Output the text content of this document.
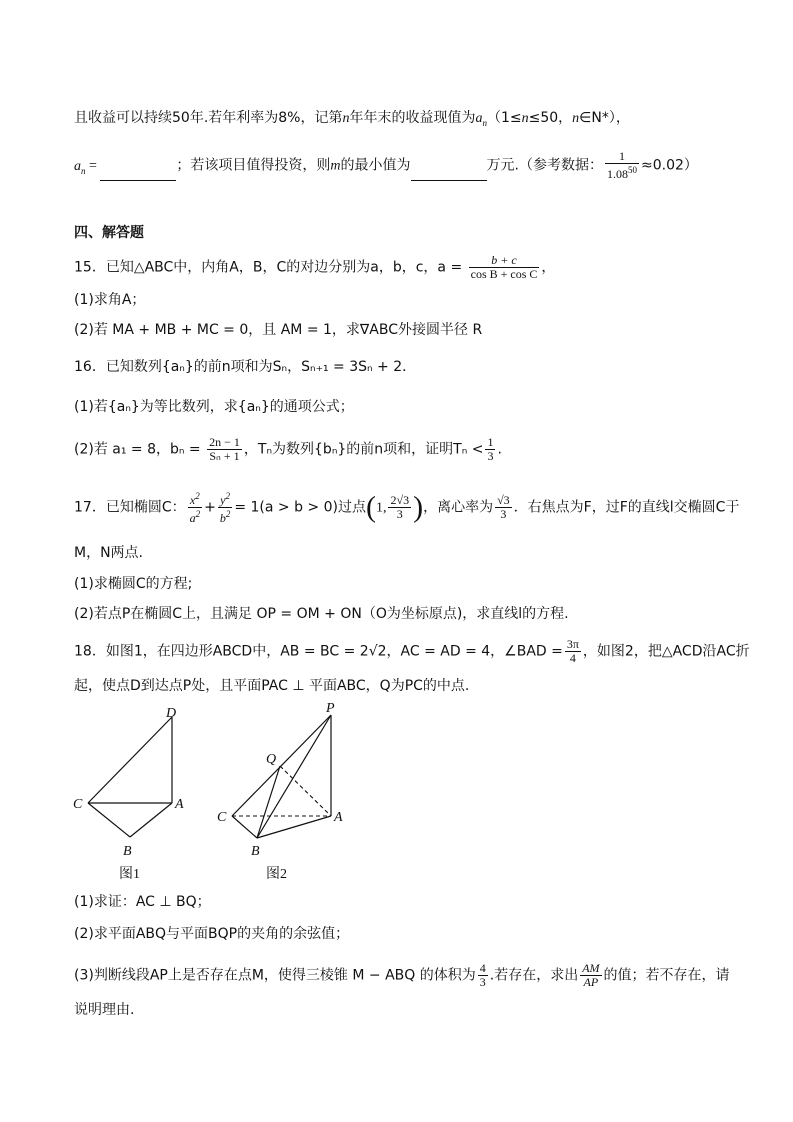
且收益可以持续50年.若年利率为8%，记第n年年末的收益现值为$a_n(1\le n\le 50$，n∈N*），
$a_n$ =	；若该项目值得投资，则m的最小值为	万元.（参考数据： $\frac{1}{1.08^{50}} \approx 0.02$）
四、解答题
15．已知△ABC中，内角A，B，C的对边分别为a，b，c，$a = \frac{b + c}{\text{cos B + cos C}}$ ，
(1)求角A；
(2)若 MA + MB + MC = 0，且 AM = 1，求∇ABC外接圆半径 R
16．已知数列{aₙ}的前n项和为Sₙ，Sₙ₊₁ = 3Sₙ + 2．
(1)若{aₙ}为等比数列，求{aₙ}的通项公式；
(2)若 a₁ = 8，$b_n = \frac{2n - 1}{\text{Sₙ + 1}}$ ，Tₙ为数列{bₙ}的前n项和，证明$T_n < \frac{1}{3}$ .
17．已知椭圆C： $\frac{x^2}{a^2} + \frac{y^2}{b^2} = 1(a > b > 0)$过点(1, $\frac{2√3}{3}$ )，离心率为 $\frac{√3}{3}$ ．右焦点为F，过F的直线l交椭圆C于
M，N两点.
(1)求椭圆C的方程;
(2)若点P在椭圆C上，且满足 OP = OM + ON（O为坐标原点)，求直线l的方程.
18．如图1，在四边形ABCD中，AB = BC = 2√2，AC = AD = 4，∠BAD = $\frac{3\pi}{4}$ ，如图2，把△ACD沿AC折
起，使点D到达点P处，且平面PAC ⊥ 平面ABC，Q为PC的中点.
D
C	A
B
图1
P
Q
C	A
B
图2
(1)求证：AC ⊥ BQ；
(2)求平面ABQ与平面BQP的夹角的余弦值；
(3)判断线段AP上是否存在点M，使得三棱锥 M − ABQ 的体积为 $\frac{4}{3}$ .若存在，求出 $\frac{AM}{AP}$ 的值；若不存在，请
说明理由.
